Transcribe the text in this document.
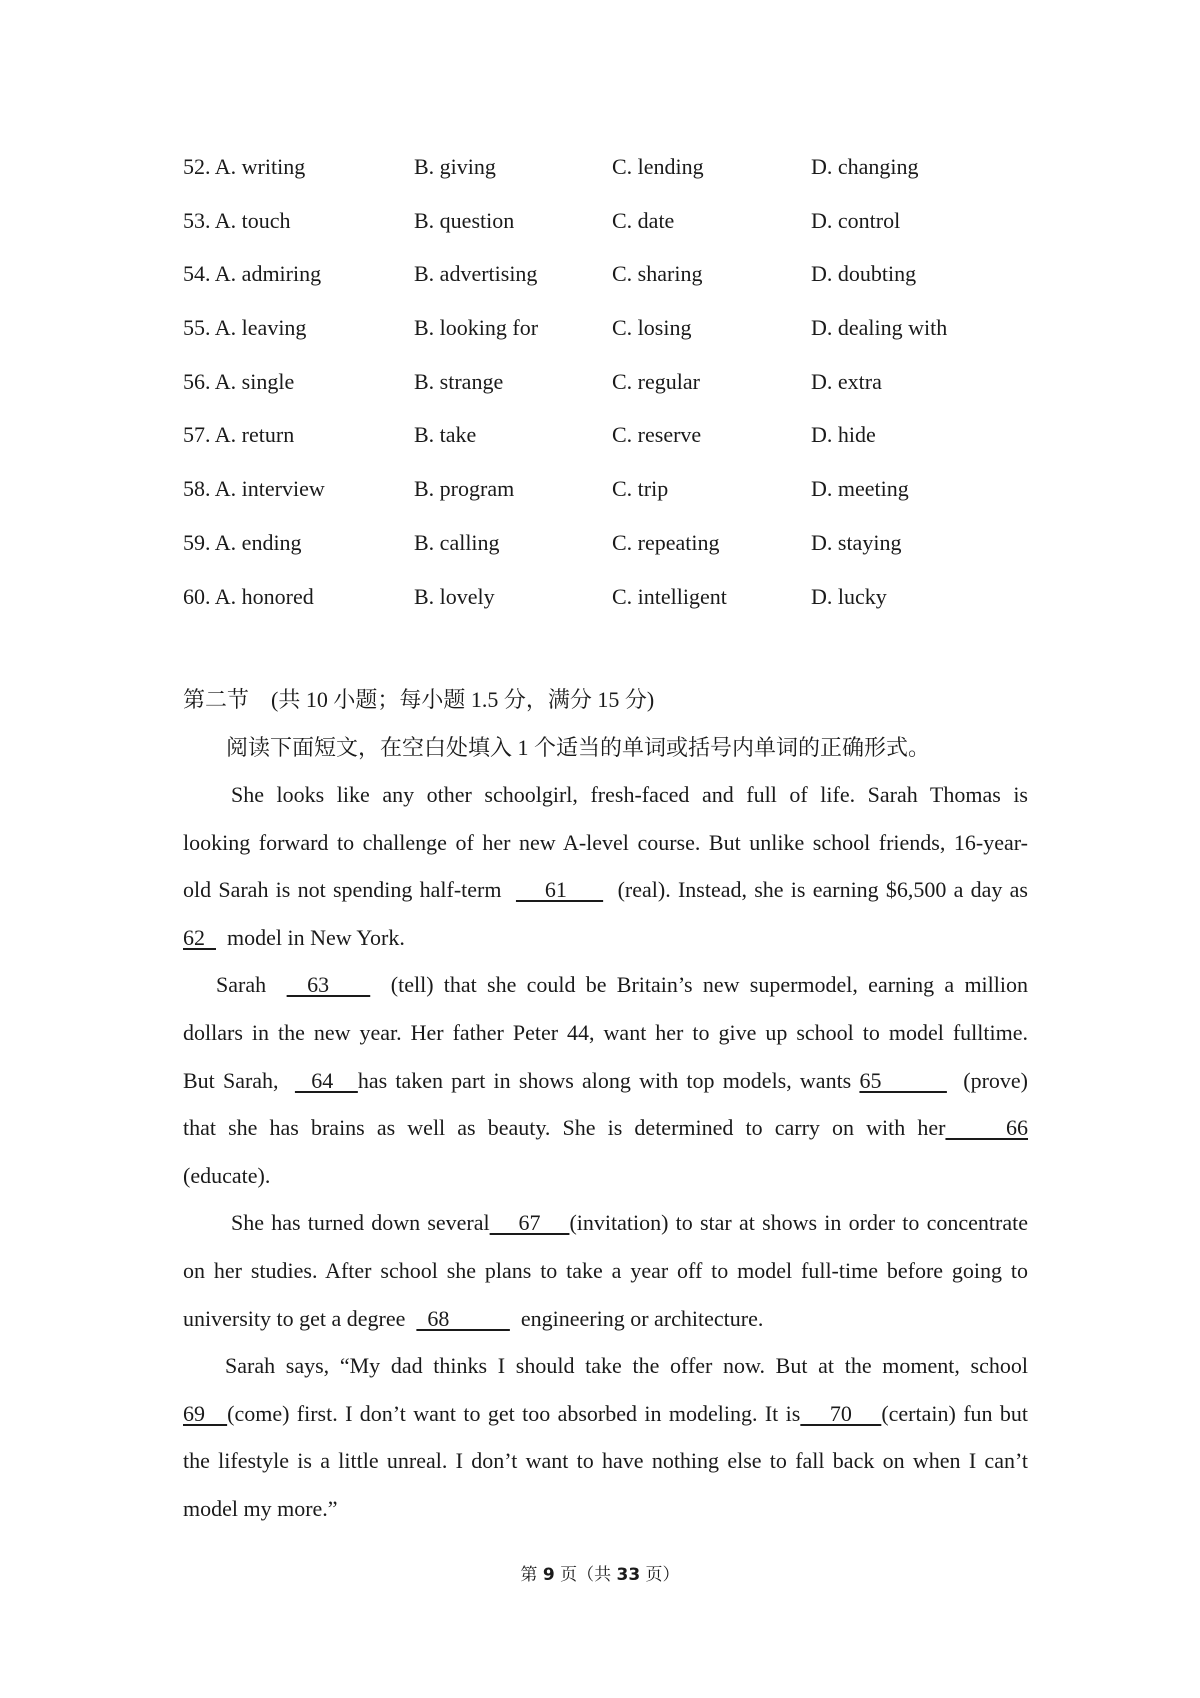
52. A. writing	B. giving	C. lending	D. changing
53. A. touch	B. question	C. date	D. control
54. A. admiring	B. advertising	C. sharing	D. doubting
55. A. leaving	B. looking for	C. losing	D. dealing with
56. A. single	B. strange	C. regular	D. extra
57. A. return	B. take	C. reserve	D. hide
58. A. interview	B. program	C. trip	D. meeting
59. A. ending	B. calling	C. repeating	D. staying
60. A. honored	B. lovely	C. intelligent	D. lucky
第二节　(共 10 小题；每小题 1.5 分，满分 15 分)
阅读下面短文，在空白处填入 1 个适当的单词或括号内单词的正确形式。
She looks like any other schoolgirl, fresh-faced and full of life. Sarah Thomas is
looking forward to challenge of her new A-level course. But unlike school friends, 16-year-
old Sarah is not spending half-term      61       (real). Instead, she is earning $6,500 a day as
62    model in New York.
Sarah    63      (tell) that she could be Britain’s new supermodel, earning a million
dollars in the new year. Her father Peter 44, want her to give up school to model fulltime.
But Sarah,    64   has taken part in shows along with top models, wants 65          (prove)
that she has brains as well as beauty. She is determined to carry on with her     66
(educate).
She has turned down several    67    (invitation) to star at shows in order to concentrate
on her studies. After school she plans to take a year off to model full-time before going to
university to get a degree    68             engineering or architecture.
Sarah says, “My dad thinks I should take the offer now. But at the moment, school
69   (come) first. I don’t want to get too absorbed in modeling. It is    70    (certain) fun but
the lifestyle is a little unreal. I don’t want to have nothing else to fall back on when I can’t
model my more.”
第 9 页（共 33 页）
